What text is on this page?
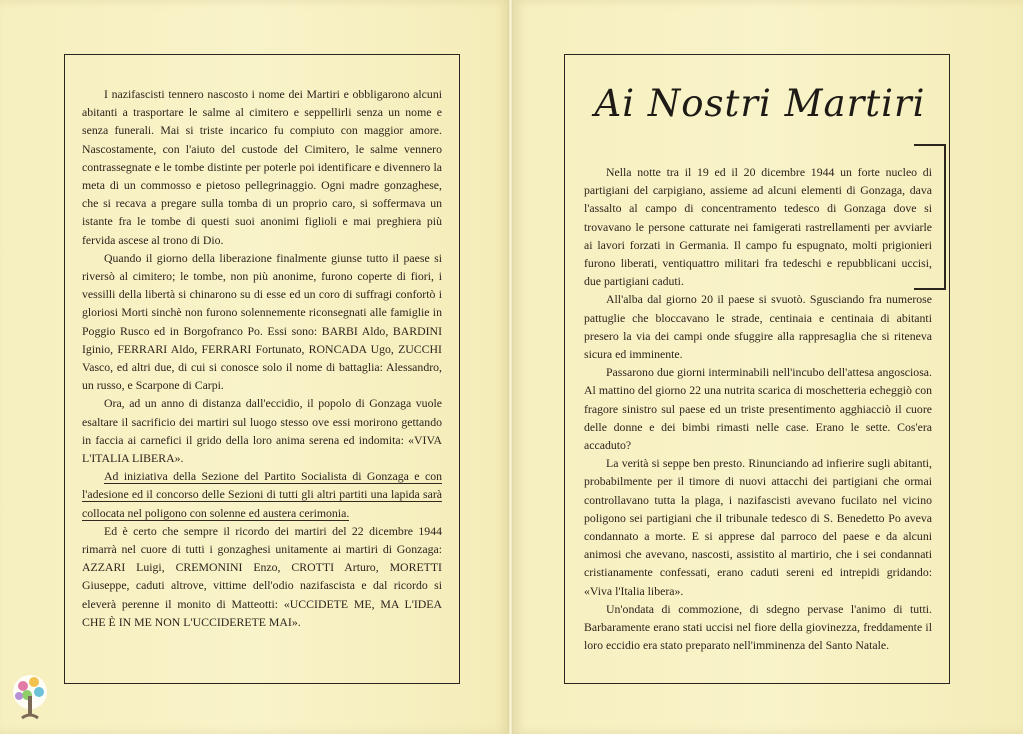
I nazifascisti tennero nascosto i nome dei Martiri e obbligarono alcuni abitanti a trasportare le salme al cimitero e seppellirli senza un nome e senza funerali. Mai si triste incarico fu compiuto con maggior amore. Nascostamente, con l'aiuto del custode del Cimitero, le salme vennero contrassegnate e le tombe distinte per poterle poi identificare e divennero la meta di un commosso e pietoso pellegrinaggio. Ogni madre gonzaghese, che si recava a pregare sulla tomba di un proprio caro, si soffermava un istante fra le tombe di questi suoi anonimi figlioli e mai preghiera più fervida ascese al trono di Dio.

Quando il giorno della liberazione finalmente giunse tutto il paese si riversò al cimitero; le tombe, non più anonime, furono coperte di fiori, i vessilli della libertà si chinarono su di esse ed un coro di suffragi confortò i gloriosi Morti sinchè non furono solennemente riconsegnati alle famiglie in Poggio Rusco ed in Borgofranco Po. Essi sono: BARBI Aldo, BARDINI Iginio, FERRARI Aldo, FERRARI Fortunato, RONCADA Ugo, ZUCCHI Vasco, ed altri due, di cui si conosce solo il nome di battaglia: Alessandro, un russo, e Scarpone di Carpi.

Ora, ad un anno di distanza dall'eccidio, il popolo di Gonzaga vuole esaltare il sacrificio dei martiri sul luogo stesso ove essi morirono gettando in faccia ai carnefici il grido della loro anima serena ed indomita: «VIVA L'ITALIA LIBERA».

Ad iniziativa della Sezione del Partito Socialista di Gonzaga e con l'adesione ed il concorso delle Sezioni di tutti gli altri partiti una lapida sarà collocata nel poligono con solenne ed austera cerimonia.

Ed è certo che sempre il ricordo dei martiri del 22 dicembre 1944 rimarrà nel cuore di tutti i gonzaghesi unitamente ai martiri di Gonzaga: AZZARI Luigi, CREMONINI Enzo, CROTTI Arturo, MORETTI Giuseppe, caduti altrove, vittime dell'odio nazifascista e dal ricordo si eleverà perenne il monito di Matteotti: «UCCIDETE ME, MA L'IDEA CHE È IN ME NON L'UCCIDERETE MAI».

Ai Nostri Martiri

Nella notte tra il 19 ed il 20 dicembre 1944 un forte nucleo di partigiani del carpigiano, assieme ad alcuni elementi di Gonzaga, dava l'assalto al campo di concentramento tedesco di Gonzaga dove si trovavano le persone catturate nei famigerati rastrellamenti per avviarle ai lavori forzati in Germania. Il campo fu espugnato, molti prigionieri furono liberati, ventiquattro militari fra tedeschi e repubblicani uccisi, due partigiani caduti.

All'alba dal giorno 20 il paese si svuotò. Sgusciando fra numerose pattuglie che bloccavano le strade, centinaia e centinaia di abitanti presero la via dei campi onde sfuggire alla rappresaglia che si riteneva sicura ed imminente.

Passarono due giorni interminabili nell'incubo dell'attesa angosciosa. Al mattino del giorno 22 una nutrita scarica di moschetteria echeggiò con fragore sinistro sul paese ed un triste presentimento agghiacciò il cuore delle donne e dei bimbi rimasti nelle case. Erano le sette. Cos'era accaduto?

La verità si seppe ben presto. Rinunciando ad infierire sugli abitanti, probabilmente per il timore di nuovi attacchi dei partigiani che ormai controllavano tutta la plaga, i nazifascisti avevano fucilato nel vicino poligono sei partigiani che il tribunale tedesco di S. Benedetto Po aveva condannato a morte. E si apprese dal parroco del paese e da alcuni animosi che avevano, nascosti, assistito al martirio, che i sei condannati cristianamente confessati, erano caduti sereni ed intrepidi gridando: «Viva l'Italia libera».

Un'ondata di commozione, di sdegno pervase l'animo di tutti. Barbaramente erano stati uccisi nel fiore della giovinezza, freddamente il loro eccidio era stato preparato nell'imminenza del Santo Natale.
